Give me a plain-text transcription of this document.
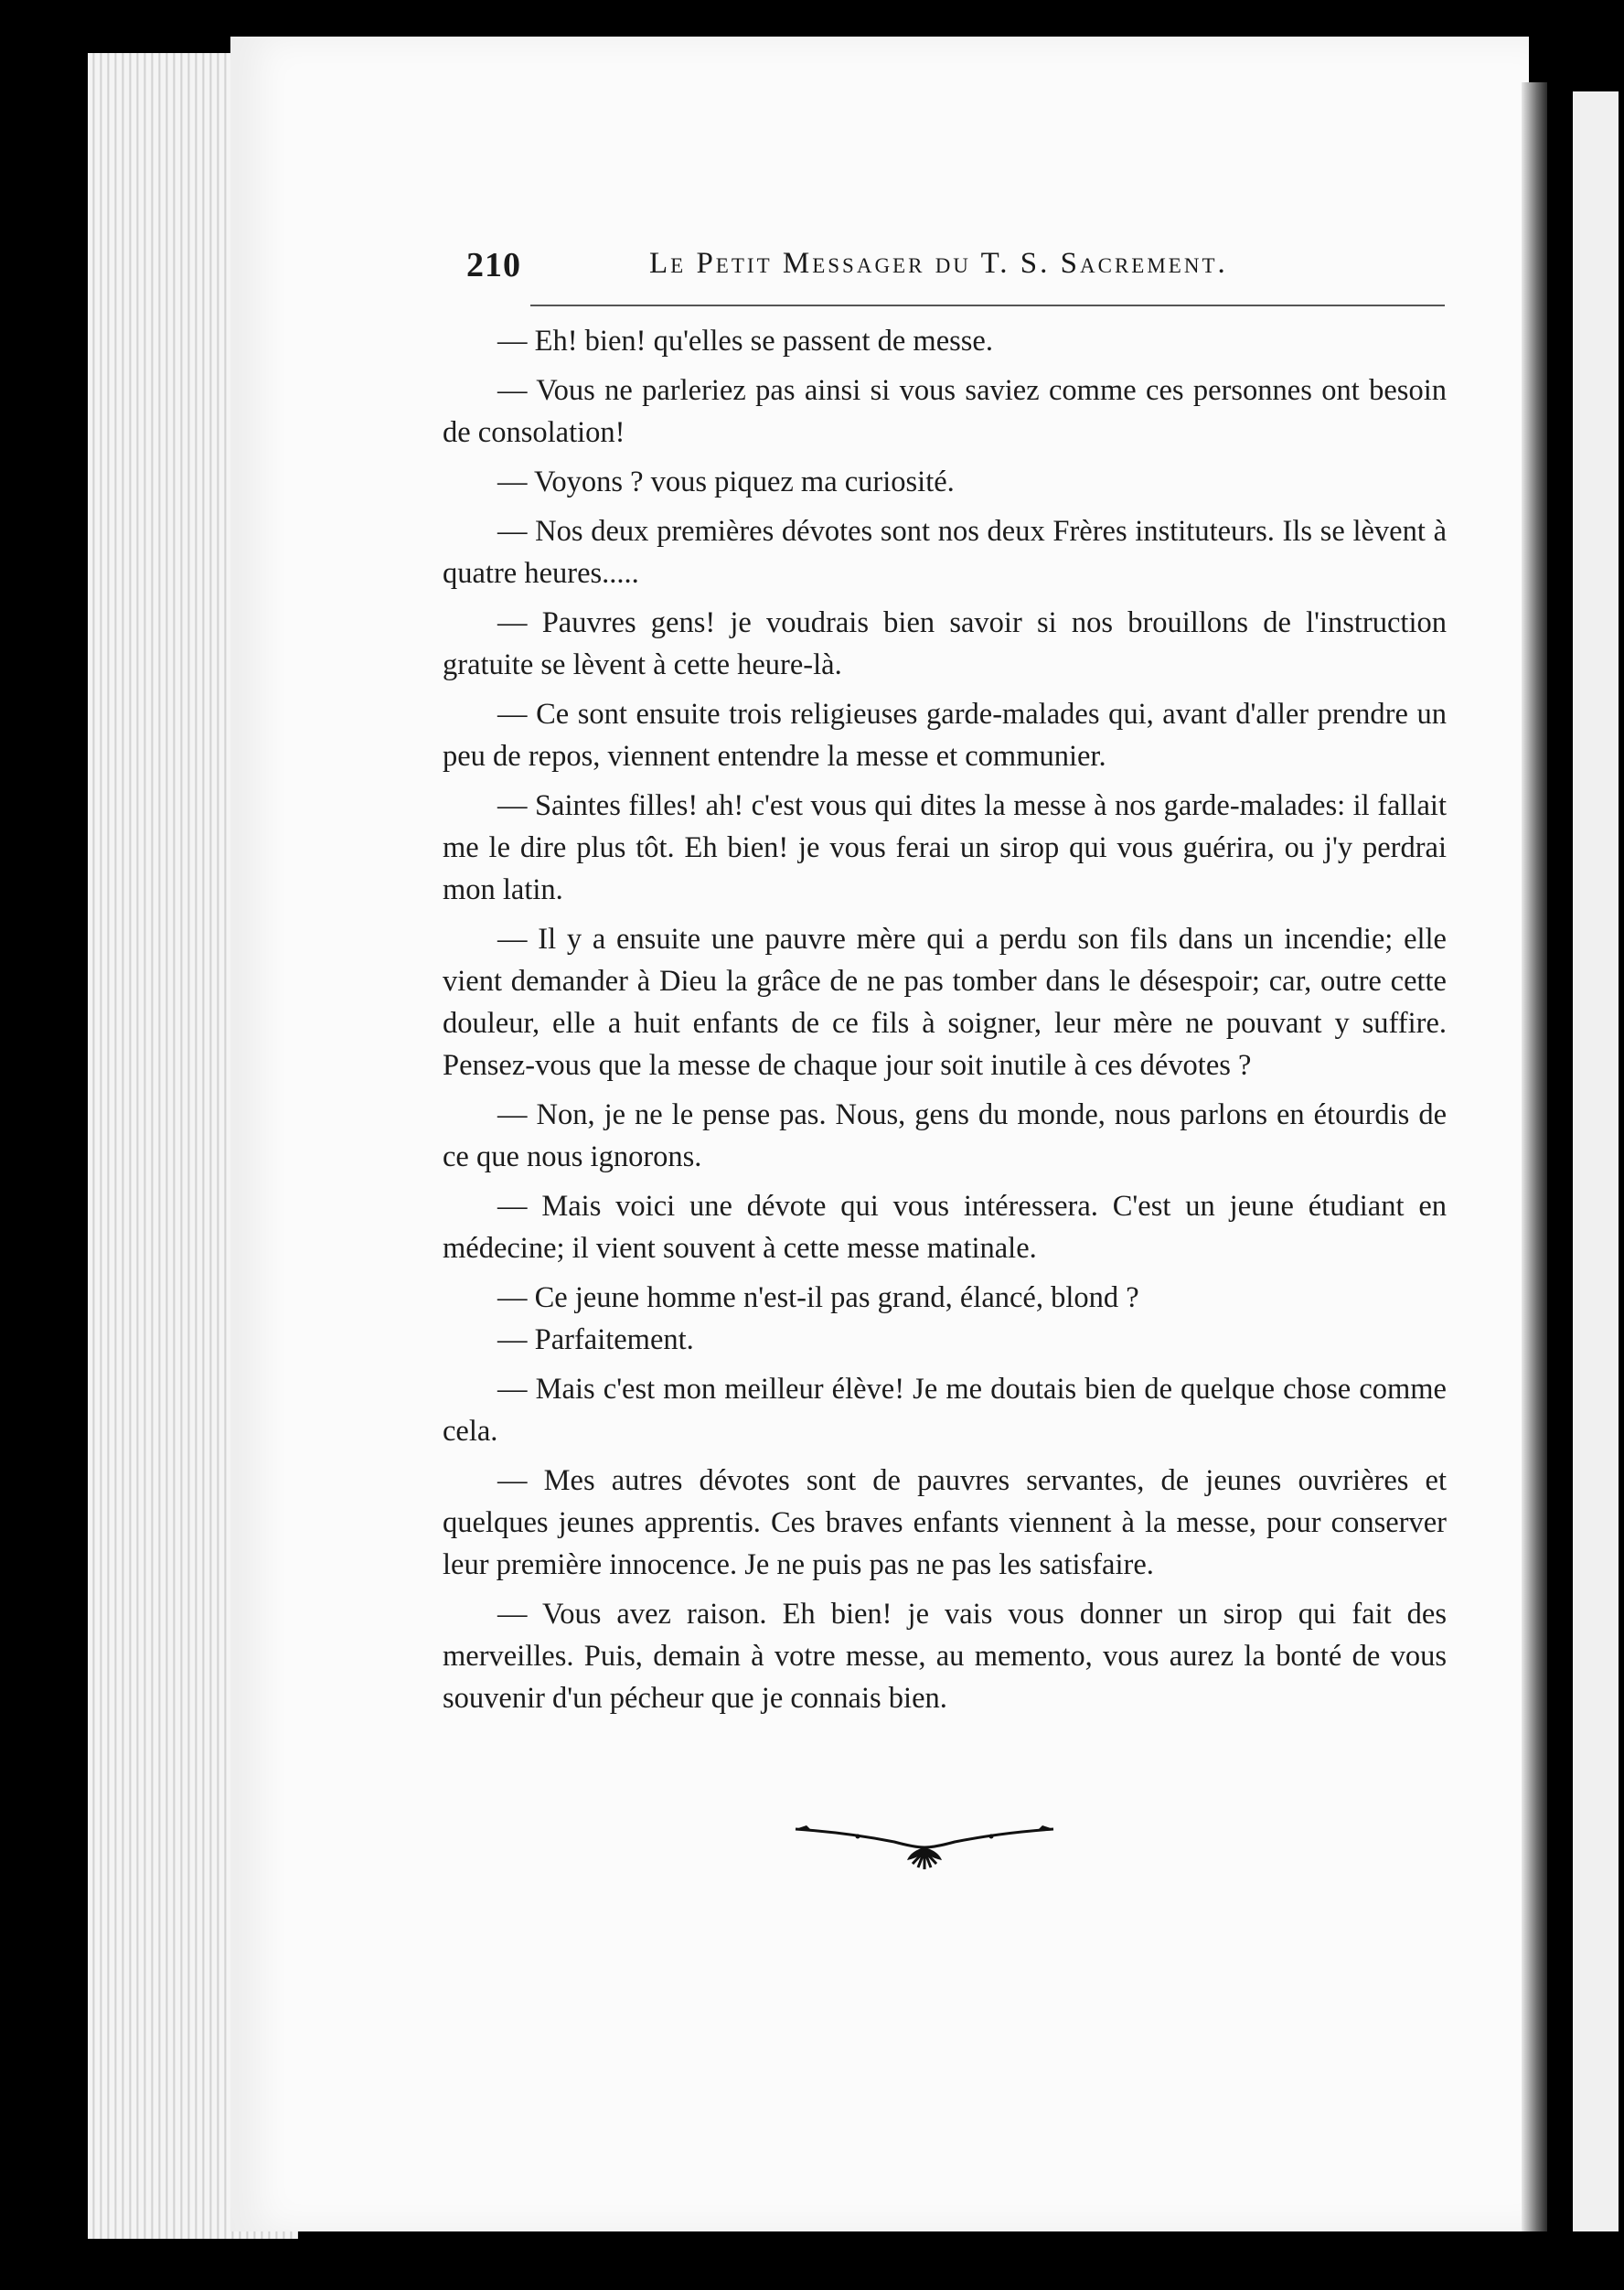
210	Le Petit Messager du T. S. Sacrement.

— Eh! bien! qu'elles se passent de messe.

— Vous ne parleriez pas ainsi si vous saviez comme ces personnes ont besoin de consolation!

— Voyons ? vous piquez ma curiosité.

— Nos deux premières dévotes sont nos deux Frères instituteurs. Ils se lèvent à quatre heures.....

— Pauvres gens! je voudrais bien savoir si nos brouillons de l'instruction gratuite se lèvent à cette heure-là.

— Ce sont ensuite trois religieuses garde-malades qui, avant d'aller prendre un peu de repos, viennent entendre la messe et communier.

— Saintes filles! ah! c'est vous qui dites la messe à nos garde-malades: il fallait me le dire plus tôt. Eh bien! je vous ferai un sirop qui vous guérira, ou j'y perdrai mon latin.

— Il y a ensuite une pauvre mère qui a perdu son fils dans un incendie; elle vient demander à Dieu la grâce de ne pas tomber dans le désespoir; car, outre cette douleur, elle a huit enfants de ce fils à soigner, leur mère ne pouvant y suffire. Pensez-vous que la messe de chaque jour soit inutile à ces dévotes ?

— Non, je ne le pense pas. Nous, gens du monde, nous parlons en étourdis de ce que nous ignorons.

— Mais voici une dévote qui vous intéressera. C'est un jeune étudiant en médecine; il vient souvent à cette messe matinale.

— Ce jeune homme n'est-il pas grand, élancé, blond ?

— Parfaitement.

— Mais c'est mon meilleur élève! Je me doutais bien de quelque chose comme cela.

— Mes autres dévotes sont de pauvres servantes, de jeunes ouvrières et quelques jeunes apprentis. Ces braves enfants viennent à la messe, pour conserver leur première innocence. Je ne puis pas ne pas les satisfaire.

— Vous avez raison. Eh bien! je vais vous donner un sirop qui fait des merveilles. Puis, demain à votre messe, au memento, vous aurez la bonté de vous souvenir d'un pécheur que je connais bien.
